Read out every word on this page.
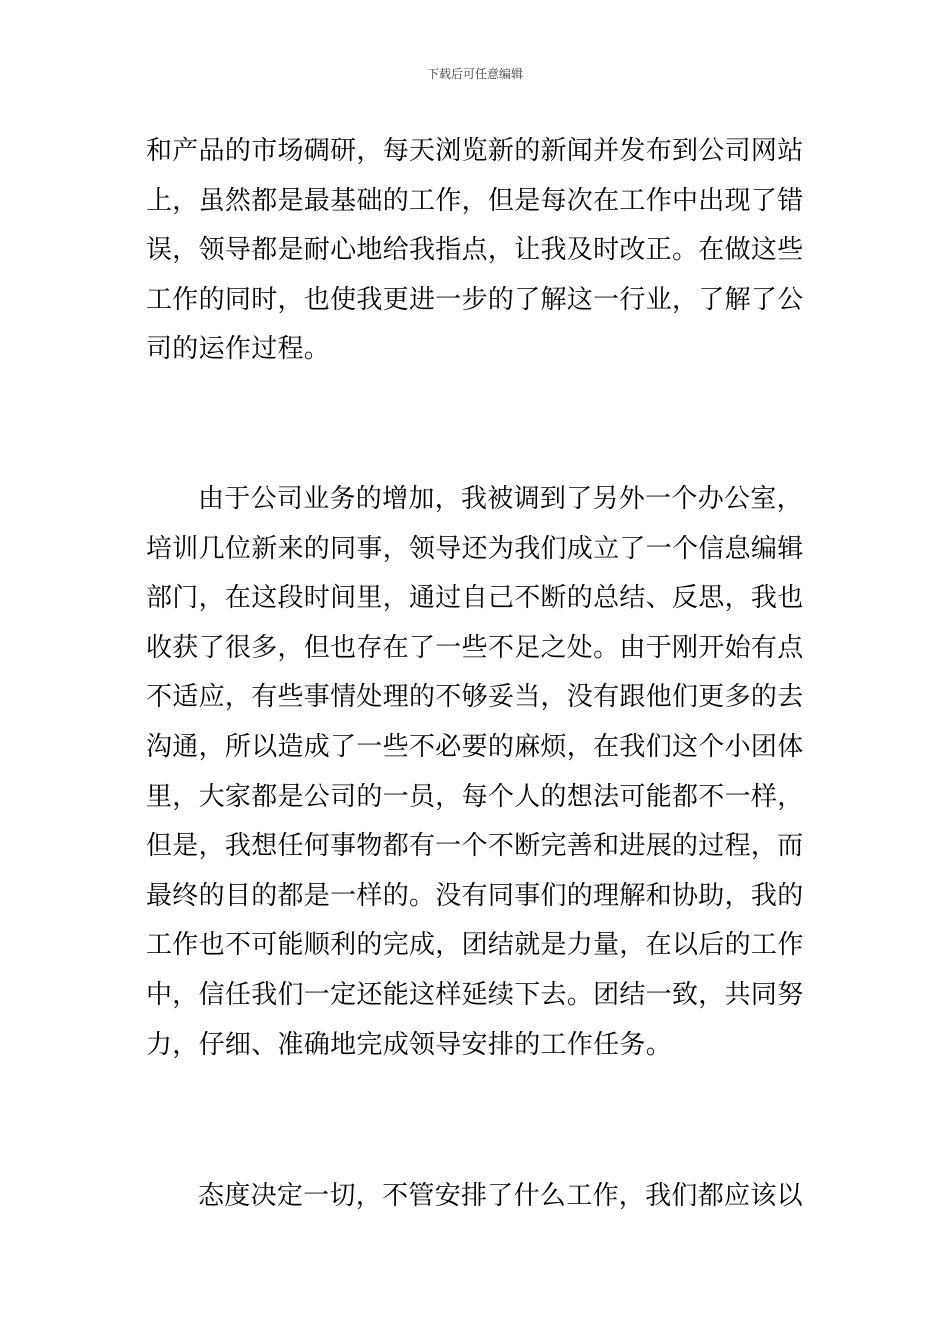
下载后可任意编辑
和产品的市场碉研，每天浏览新的新闻并发布到公司网站
上，虽然都是最基础的工作，但是每次在工作中出现了错
误，领导都是耐心地给我指点，让我及时改正。在做这些
工作的同时，也使我更进一步的了解这一行业，了解了公
司的运作过程。
由于公司业务的增加，我被调到了另外一个办公室，
培训几位新来的同事，领导还为我们成立了一个信息编辑
部门，在这段时间里，通过自己不断的总结、反思，我也
收获了很多，但也存在了一些不足之处。由于刚开始有点
不适应，有些事情处理的不够妥当，没有跟他们更多的去
沟通，所以造成了一些不必要的麻烦，在我们这个小团体
里，大家都是公司的一员，每个人的想法可能都不一样，
但是，我想任何事物都有一个不断完善和进展的过程，而
最终的目的都是一样的。没有同事们的理解和协助，我的
工作也不可能顺利的完成，团结就是力量，在以后的工作
中，信任我们一定还能这样延续下去。团结一致，共同努
力，仔细、准确地完成领导安排的工作任务。
态度决定一切，不管安排了什么工作，我们都应该以
